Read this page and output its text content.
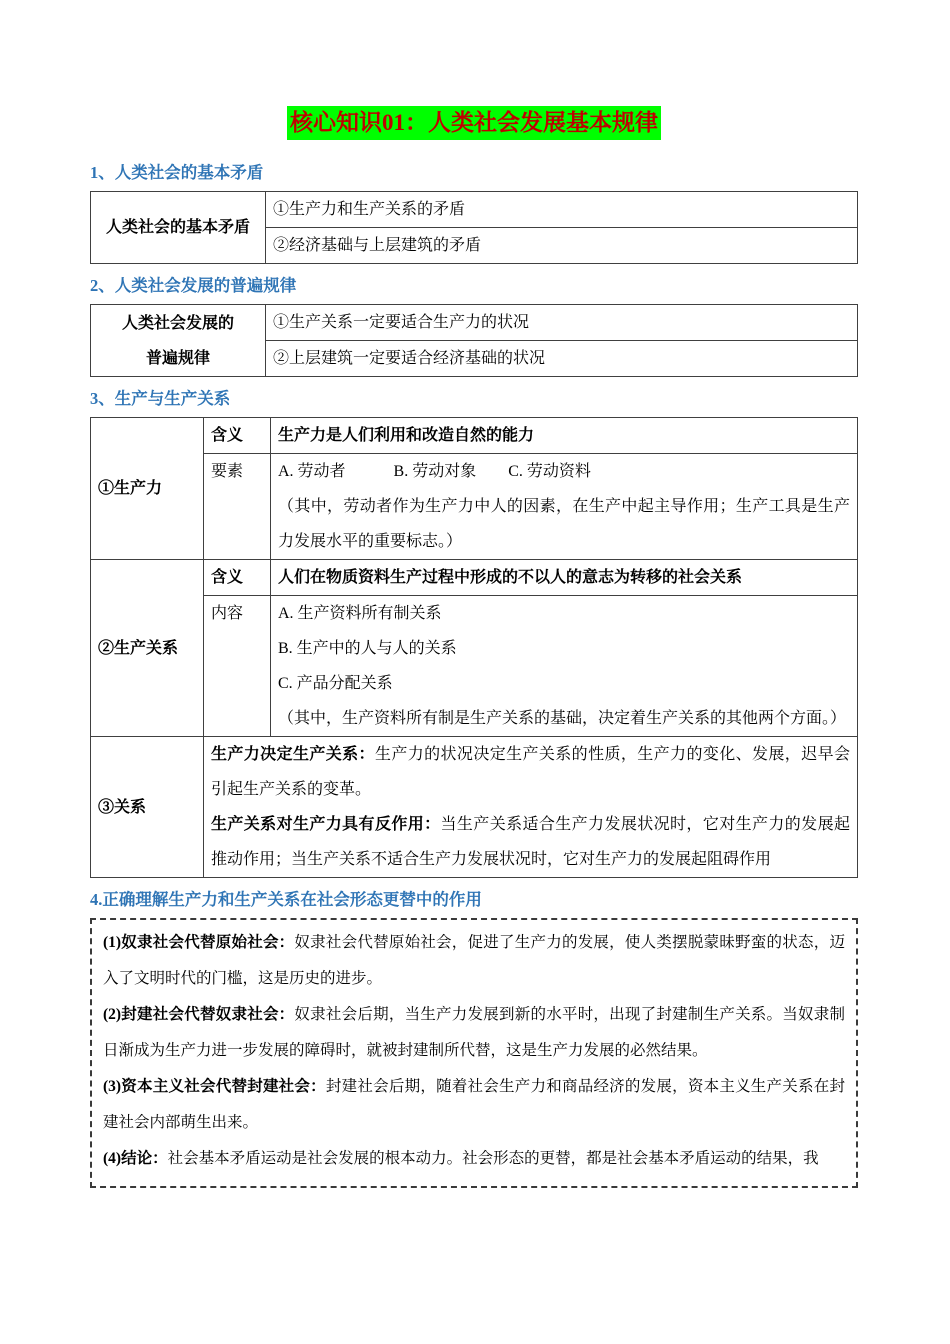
核心知识01：人类社会发展基本规律
1、人类社会的基本矛盾
人类社会的基本矛盾	①生产力和生产关系的矛盾
②经济基础与上层建筑的矛盾
2、人类社会发展的普遍规律
人类社会发展的
普遍规律
	①生产关系一定要适合生产力的状况
②上层建筑一定要适合经济基础的状况
3、生产与生产关系
①生产力	含义	生产力是人们利用和改造自然的能力
	要素	A. 劳动者　　　B. 劳动对象　　C. 劳动资料
（其中，劳动者作为生产力中人的因素，在生产中起主导作用；生产工具是生产力发展水平的重要标志。）

②生产关系	含义	人们在物质资料生产过程中形成的不以人的意志为转移的社会关系
	内容	A. 生产资料所有制关系
B. 生产中的人与人的关系
C. 产品分配关系
（其中，生产资料所有制是生产关系的基础，决定着生产关系的其他两个方面。）

③关系	生产力决定生产关系：生产力的状况决定生产关系的性质，生产力的变化、发展，迟早会引起生产关系的变革。
生产关系对生产力具有反作用：当生产关系适合生产力发展状况时，它对生产力的发展起推动作用；当生产关系不适合生产力发展状况时，它对生产力的发展起阻碍作用	
4.正确理解生产力和生产关系在社会形态更替中的作用
(1)奴隶社会代替原始社会：奴隶社会代替原始社会，促进了生产力的发展，使人类摆脱蒙昧野蛮的状态，迈入了文明时代的门槛，这是历史的进步。
(2)封建社会代替奴隶社会：奴隶社会后期，当生产力发展到新的水平时，出现了封建制生产关系。当奴隶制日渐成为生产力进一步发展的障碍时，就被封建制所代替，这是生产力发展的必然结果。
(3)资本主义社会代替封建社会：封建社会后期，随着社会生产力和商品经济的发展，资本主义生产关系在封建社会内部萌生出来。
(4)结论：社会基本矛盾运动是社会发展的根本动力。社会形态的更替，都是社会基本矛盾运动的结果，我
